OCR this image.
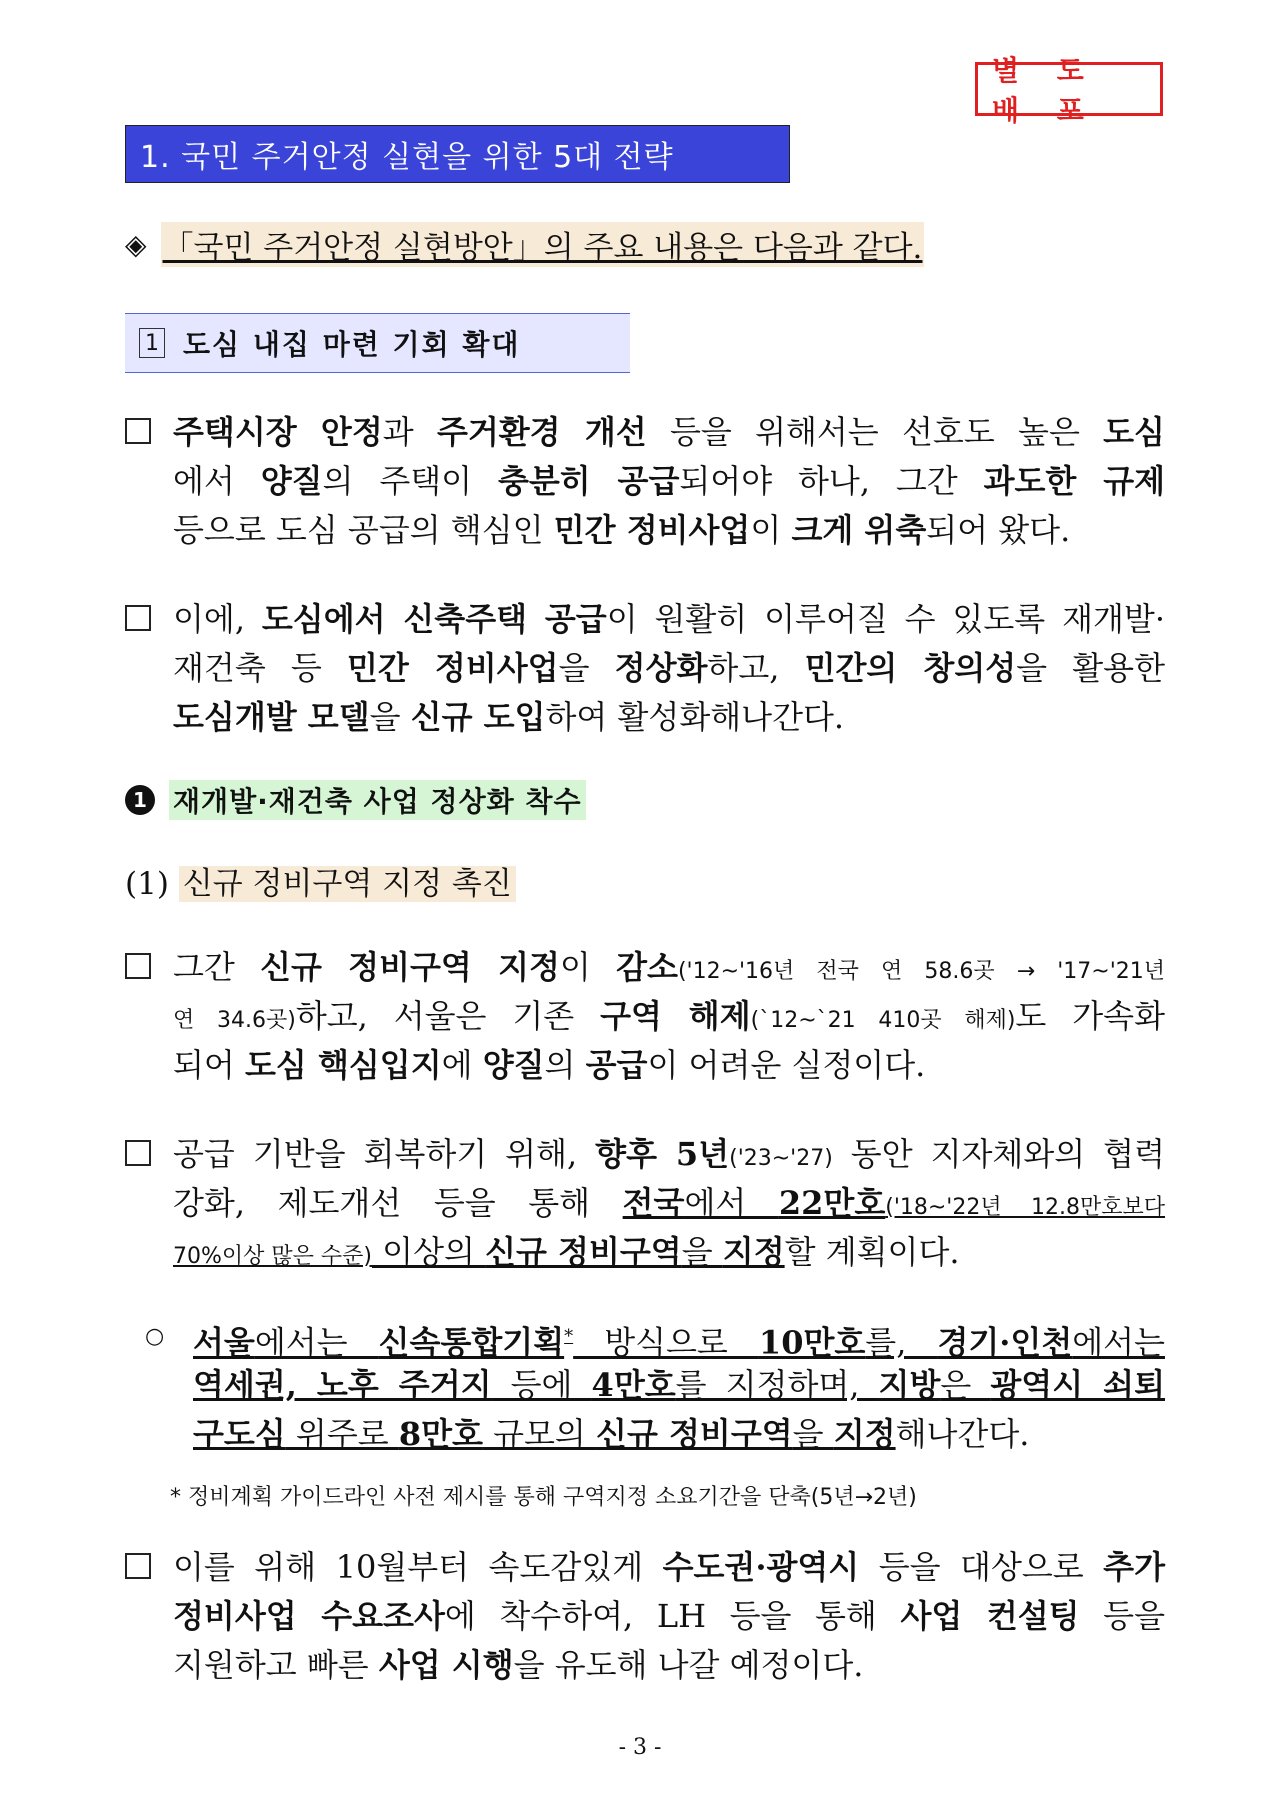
별 도 배 포
1. 국민 주거안정 실현을 위한 5대 전략
◈ 「국민 주거안정 실현방안」의 주요 내용은 다음과 같다.
1 도심 내집 마련 기회 확대
주택시장 안정과 주거환경 개선 등을 위해서는 선호도 높은 도심
에서 양질의 주택이 충분히 공급되어야 하나, 그간 과도한 규제
등으로 도심 공급의 핵심인 민간 정비사업이 크게 위축되어 왔다.
이에, 도심에서 신축주택 공급이 원활히 이루어질 수 있도록 재개발·
재건축 등 민간 정비사업을 정상화하고, 민간의 창의성을 활용한
도심개발 모델을 신규 도입하여 활성화해나간다.
1 재개발·재건축 사업 정상화 착수
(1) 신규 정비구역 지정 촉진
그간 신규 정비구역 지정이 감소('12~'16년 전국 연 58.6곳 → '17~'21년
연 34.6곳)하고, 서울은 기존 구역 해제(`12~`21 410곳 해제)도 가속화
되어 도심 핵심입지에 양질의 공급이 어려운 실정이다.
공급 기반을 회복하기 위해, 향후 5년('23~'27) 동안 지자체와의 협력
강화, 제도개선 등을 통해 전국에서 22만호('18~'22년 12.8만호보다
70%이상 많은 수준) 이상의 신규 정비구역을 지정할 계획이다.
○ 서울에서는 신속통합기획* 방식으로 10만호를, 경기·인천에서는
역세권, 노후 주거지 등에 4만호를 지정하며, 지방은 광역시 쇠퇴
구도심 위주로 8만호 규모의 신규 정비구역을 지정해나간다.
* 정비계획 가이드라인 사전 제시를 통해 구역지정 소요기간을 단축(5년→2년)
이를 위해 10월부터 속도감있게 수도권·광역시 등을 대상으로 추가
정비사업 수요조사에 착수하여, LH 등을 통해 사업 컨설팅 등을
지원하고 빠른 사업 시행을 유도해 나갈 예정이다.
- 3 -
